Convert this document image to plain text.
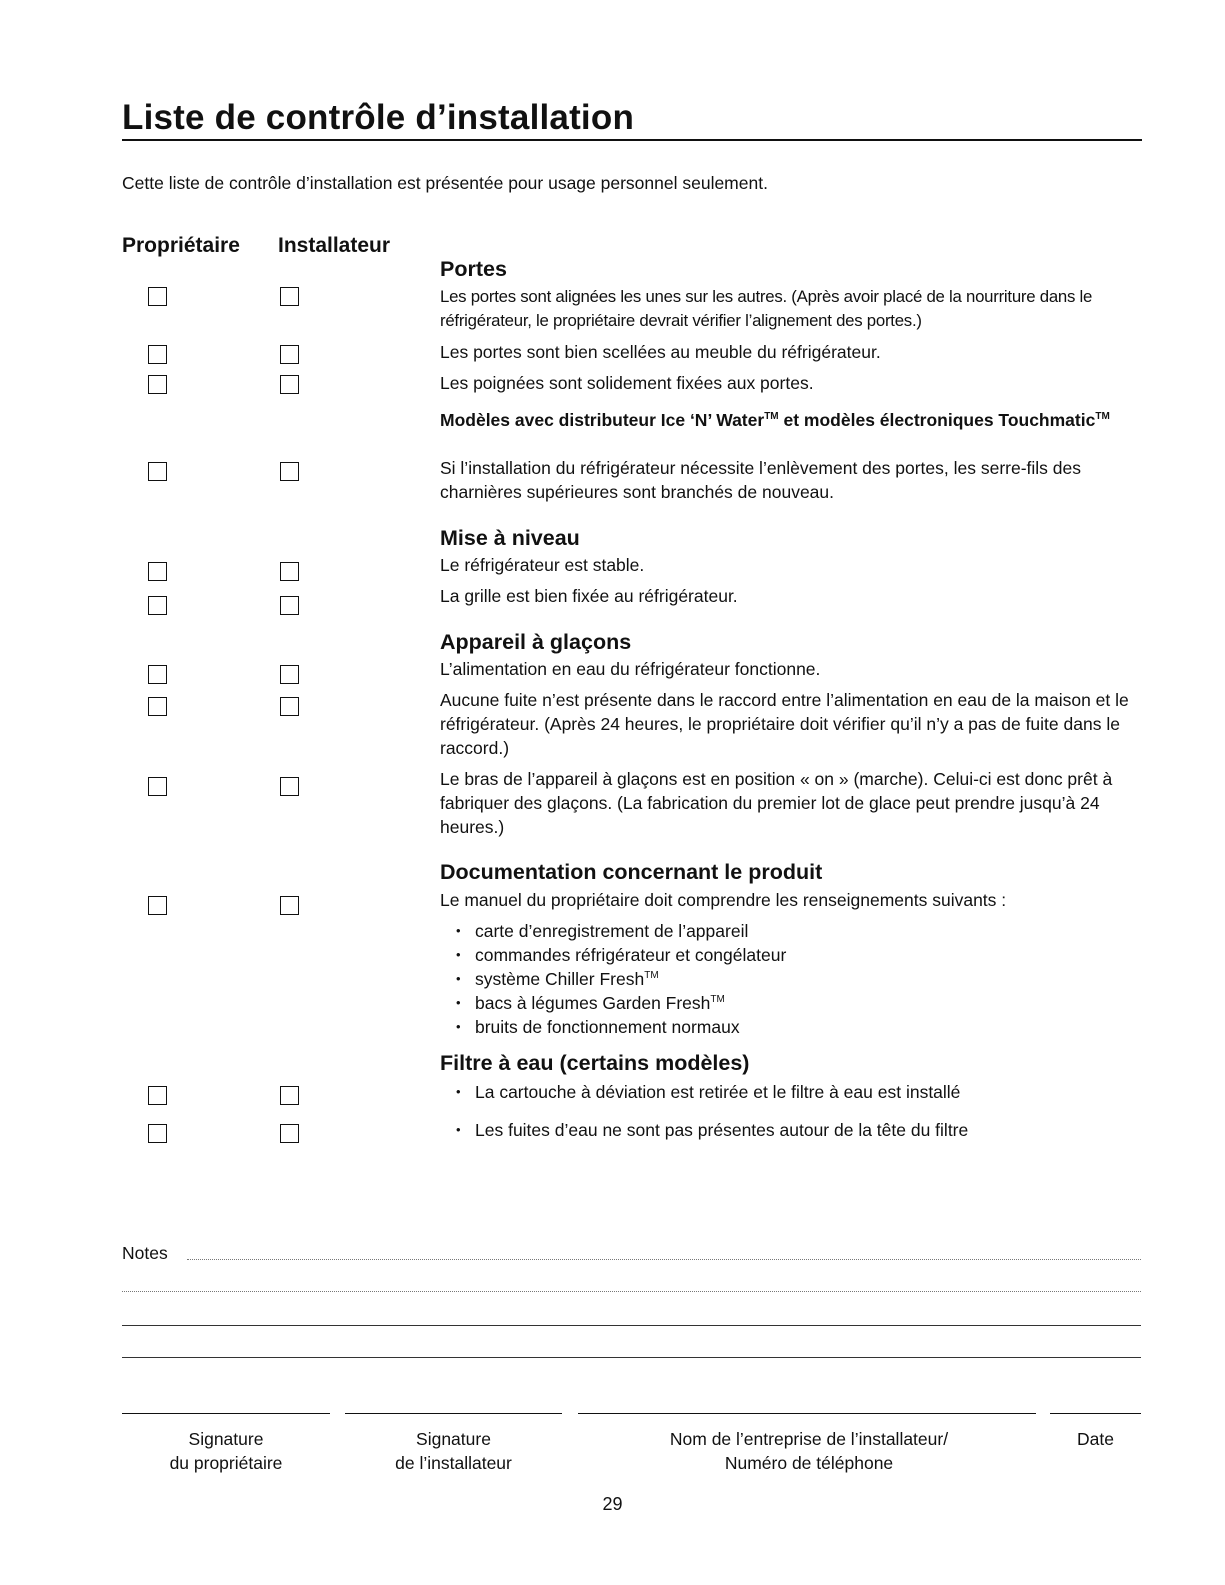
Liste de contrôle d’installation
Cette liste de contrôle d’installation est présentée pour usage personnel seulement.
Propriétaire Installateur
Portes
Les portes sont alignées les unes sur les autres. (Après avoir placé de la nourriture dans le réfrigérateur, le propriétaire devrait vérifier l’alignement des portes.)
Les portes sont bien scellées au meuble du réfrigérateur.
Les poignées sont solidement fixées aux portes.
Modèles avec distributeur Ice ‘N’ Water™ et modèles électroniques Touchmatic™
Si l’installation du réfrigérateur nécessite l’enlèvement des portes, les serre-fils des charnières supérieures sont branchés de nouveau.
Mise à niveau
Le réfrigérateur est stable.
La grille est bien fixée au réfrigérateur.
Appareil à glaçons
L’alimentation en eau du réfrigérateur fonctionne.
Aucune fuite n’est présente dans le raccord entre l’alimentation en eau de la maison et le réfrigérateur. (Après 24 heures, le propriétaire doit vérifier qu’il n’y a pas de fuite dans le raccord.)
Le bras de l’appareil à glaçons est en position « on » (marche). Celui-ci est donc prêt à fabriquer des glaçons. (La fabrication du premier lot de glace peut prendre jusqu’à 24 heures.)
Documentation concernant le produit
Le manuel du propriétaire doit comprendre les renseignements suivants :
• carte d’enregistrement de l’appareil
• commandes réfrigérateur et congélateur
• système Chiller Fresh™
• bacs à légumes Garden Fresh™
• bruits de fonctionnement normaux
Filtre à eau (certains modèles)
• La cartouche à déviation est retirée et le filtre à eau est installé
• Les fuites d’eau ne sont pas présentes autour de la tête du filtre
Notes
Signature
du propriétaire
Signature
de l’installateur
Nom de l’entreprise de l’installateur/
Numéro de téléphone
Date
29
